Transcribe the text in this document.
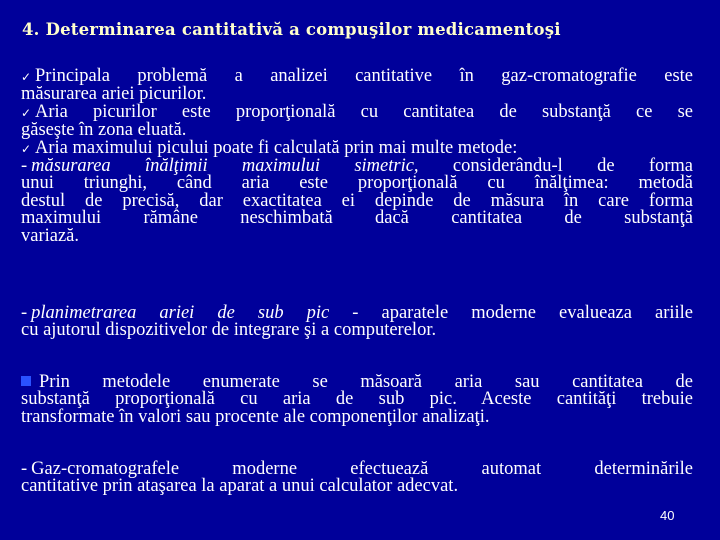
4. Determinarea cantitativă a compuşilor medicamentoşi
✓ Principala problemă a analizei cantitative în gaz-cromatografie este
măsurarea ariei picurilor.
✓ Aria picurilor este proporţională cu cantitatea de substanţă ce se
găseşte în zona eluată.
✓ Aria maximului picului poate fi calculată prin mai multe metode:
- măsurarea înălţimii maximului simetric, considerându-l de forma
unui triunghi, când aria este proporţională cu înălţimea: metodă
destul de precisă, dar exactitatea ei depinde de măsura în care forma
maximului rămâne neschimbată dacă cantitatea de substanţă
variază.
- planimetrarea ariei de sub pic - aparatele moderne evalueaza ariile
cu ajutorul dispozitivelor de integrare şi a computerelor.
Prin metodele enumerate se măsoară aria sau cantitatea de
substanţă proporţională cu aria de sub pic. Aceste cantităţi trebuie
transformate în valori sau procente ale componenţilor analizaţi.
- Gaz-cromatografele moderne efectuează automat determinările
cantitative prin ataşarea la aparat a unui calculator adecvat.
40
